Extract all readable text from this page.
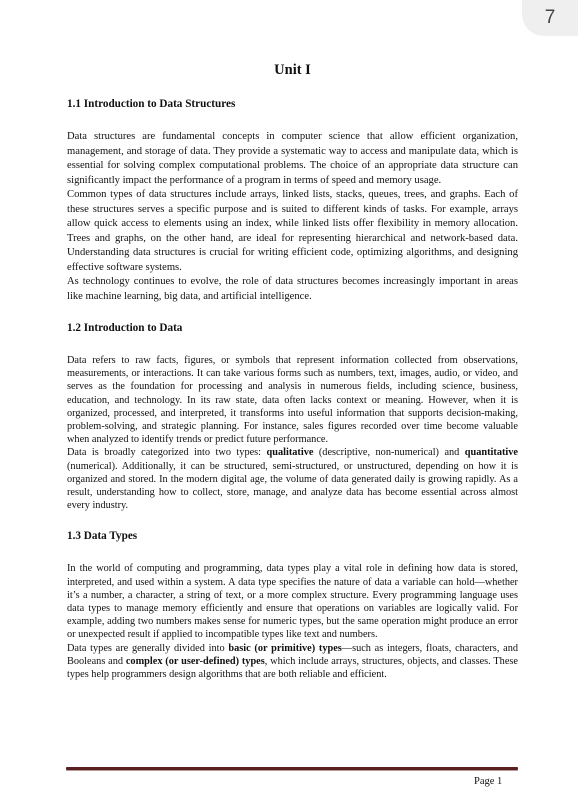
7
Unit I
1.1 Introduction to Data Structures

Data structures are fundamental concepts in computer science that allow efficient organization, management, and storage of data. They provide a systematic way to access and manipulate data, which is essential for solving complex computational problems. The choice of an appropriate data structure can significantly impact the performance of a program in terms of speed and memory usage.

Common types of data structures include arrays, linked lists, stacks, queues, trees, and graphs. Each of these structures serves a specific purpose and is suited to different kinds of tasks. For example, arrays allow quick access to elements using an index, while linked lists offer flexibility in memory allocation. Trees and graphs, on the other hand, are ideal for representing hierarchical and network-based data. Understanding data structures is crucial for writing efficient code, optimizing algorithms, and designing effective software systems.

As technology continues to evolve, the role of data structures becomes increasingly important in areas like machine learning, big data, and artificial intelligence.

1.2 Introduction to Data

Data refers to raw facts, figures, or symbols that represent information collected from observations, measurements, or interactions. It can take various forms such as numbers, text, images, audio, or video, and serves as the foundation for processing and analysis in numerous fields, including science, business, education, and technology. In its raw state, data often lacks context or meaning. However, when it is organized, processed, and interpreted, it transforms into useful information that supports decision-making, problem-solving, and strategic planning. For instance, sales figures recorded over time become valuable when analyzed to identify trends or predict future performance.

Data is broadly categorized into two types: qualitative (descriptive, non-numerical) and quantitative (numerical). Additionally, it can be structured, semi-structured, or unstructured, depending on how it is organized and stored. In the modern digital age, the volume of data generated daily is growing rapidly. As a result, understanding how to collect, store, manage, and analyze data has become essential across almost every industry.

1.3 Data Types

In the world of computing and programming, data types play a vital role in defining how data is stored, interpreted, and used within a system. A data type specifies the nature of data a variable can hold—whether it’s a number, a character, a string of text, or a more complex structure. Every programming language uses data types to manage memory efficiently and ensure that operations on variables are logically valid. For example, adding two numbers makes sense for numeric types, but the same operation might produce an error or unexpected result if applied to incompatible types like text and numbers.

Data types are generally divided into basic (or primitive) types—such as integers, floats, characters, and Booleans and complex (or user-defined) types, which include arrays, structures, objects, and classes. These types help programmers design algorithms that are both reliable and efficient.

Page 1
